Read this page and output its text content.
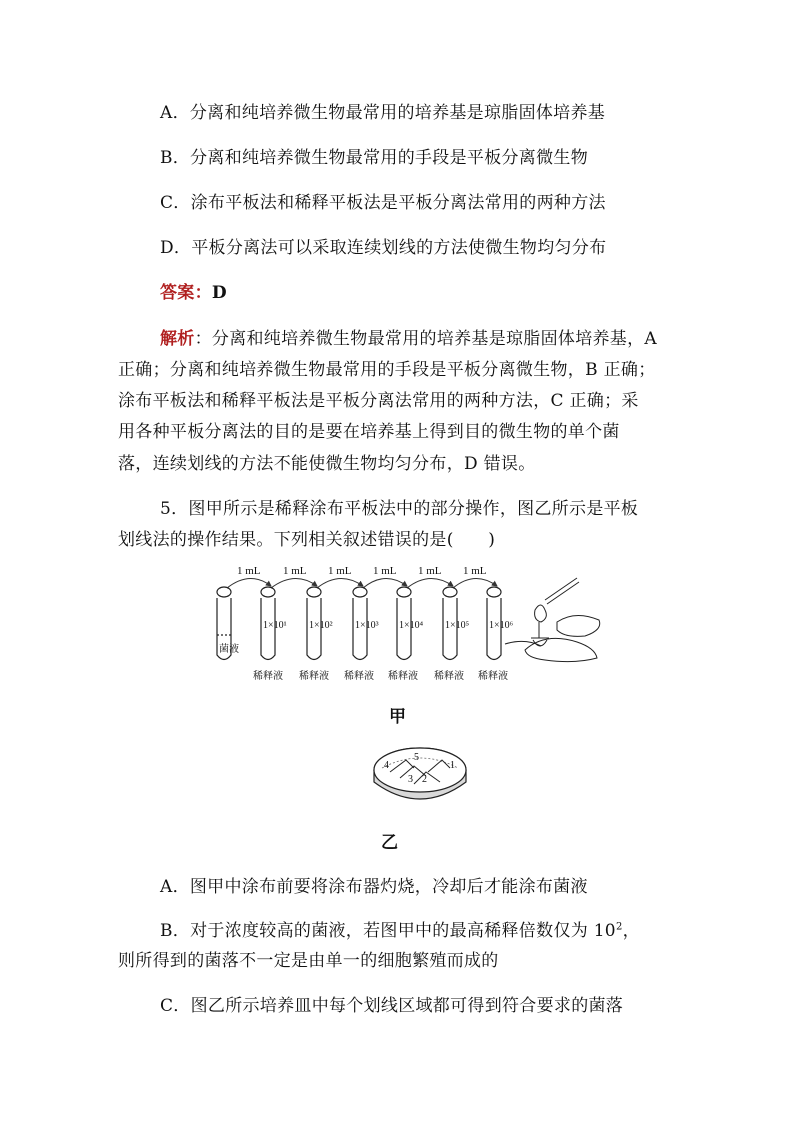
A．分离和纯培养微生物最常用的培养基是琼脂固体培养基
B．分离和纯培养微生物最常用的手段是平板分离微生物
C．涂布平板法和稀释平板法是平板分离法常用的两种方法
D．平板分离法可以采取连续划线的方法使微生物均匀分布
答案：D
解析：分离和纯培养微生物最常用的培养基是琼脂固体培养基，A
正确；分离和纯培养微生物最常用的手段是平板分离微生物，B 正确；
涂布平板法和稀释平板法是平板分离法常用的两种方法，C 正确；采
用各种平板分离法的目的是要在培养基上得到目的微生物的单个菌
落，连续划线的方法不能使微生物均匀分布，D 错误。
5．图甲所示是稀释涂布平板法中的部分操作，图乙所示是平板
划线法的操作结果。下列相关叙述错误的是(　　)
1 mL 1 mL 1 mL 1 mL 1 mL 1 mL
1×10¹ 1×10² 1×10³ 1×10⁴ 1×10⁵ 1×10⁶
菌液
稀释液 稀释液 稀释液 稀释液 稀释液 稀释液
甲
1
2
3
4
5
乙
A．图甲中涂布前要将涂布器灼烧，冷却后才能涂布菌液
B．对于浓度较高的菌液，若图甲中的最高稀释倍数仅为 $10^2$，
则所得到的菌落不一定是由单一的细胞繁殖而成的
C．图乙所示培养皿中每个划线区域都可得到符合要求的菌落
